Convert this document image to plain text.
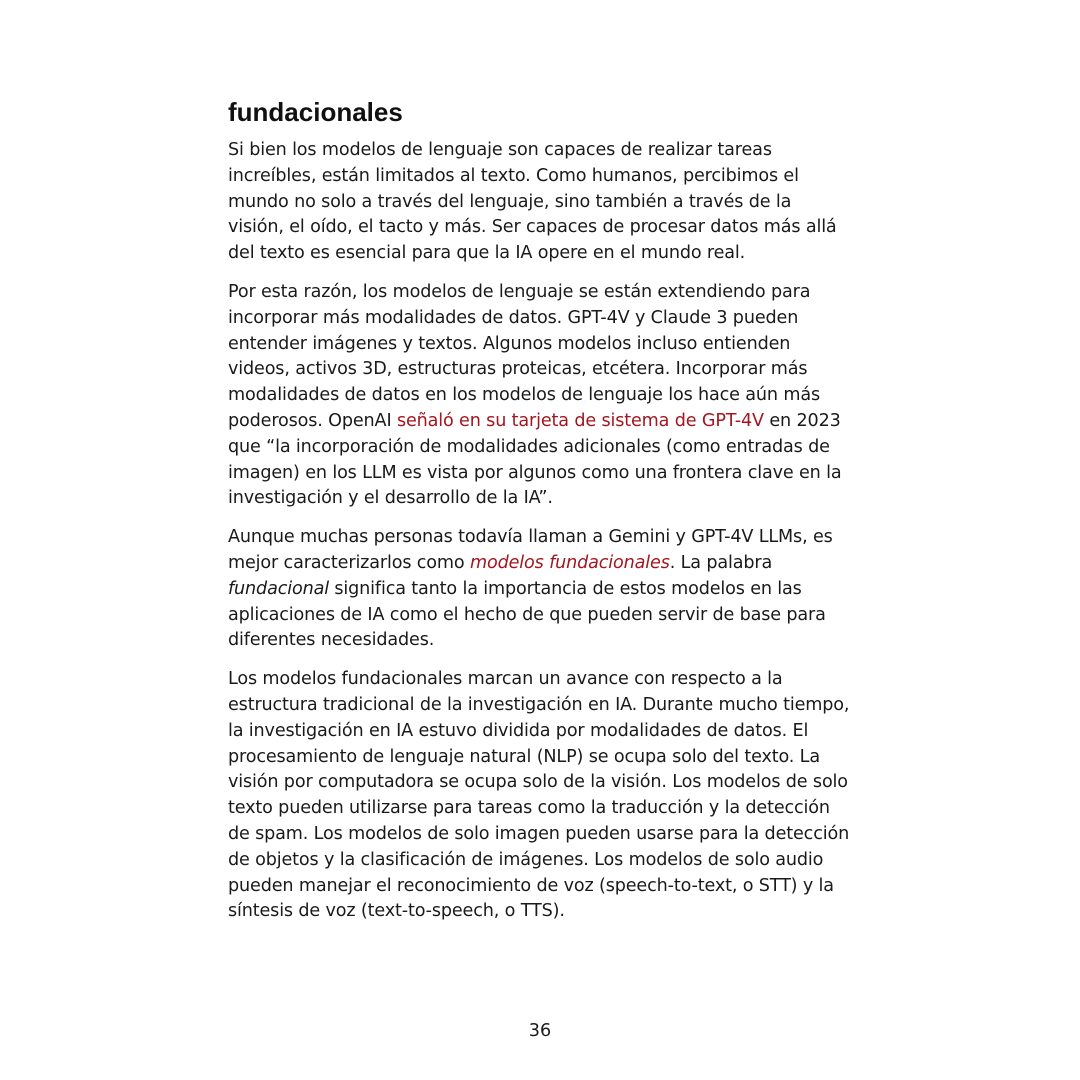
fundacionales

Si bien los modelos de lenguaje son capaces de realizar tareas increíbles, están limitados al texto. Como humanos, percibimos el mundo no solo a través del lenguaje, sino también a través de la visión, el oído, el tacto y más. Ser capaces de procesar datos más allá del texto es esencial para que la IA opere en el mundo real.

Por esta razón, los modelos de lenguaje se están extendiendo para incorporar más modalidades de datos. GPT-4V y Claude 3 pueden entender imágenes y textos. Algunos modelos incluso entienden videos, activos 3D, estructuras proteicas, etcétera. Incorporar más modalidades de datos en los modelos de lenguaje los hace aún más poderosos. OpenAI señaló en su tarjeta de sistema de GPT-4V en 2023 que “la incorporación de modalidades adicionales (como entradas de imagen) en los LLM es vista por algunos como una frontera clave en la investigación y el desarrollo de la IA”.

Aunque muchas personas todavía llaman a Gemini y GPT-4V LLMs, es mejor caracterizarlos como modelos fundacionales. La palabra fundacional significa tanto la importancia de estos modelos en las aplicaciones de IA como el hecho de que pueden servir de base para diferentes necesidades.

Los modelos fundacionales marcan un avance con respecto a la estructura tradicional de la investigación en IA. Durante mucho tiempo, la investigación en IA estuvo dividida por modalidades de datos. El procesamiento de lenguaje natural (NLP) se ocupa solo del texto. La visión por computadora se ocupa solo de la visión. Los modelos de solo texto pueden utilizarse para tareas como la traducción y la detección de spam. Los modelos de solo imagen pueden usarse para la detección de objetos y la clasificación de imágenes. Los modelos de solo audio pueden manejar el reconocimiento de voz (speech-to-text, o STT) y la síntesis de voz (text-to-speech, o TTS).

36
